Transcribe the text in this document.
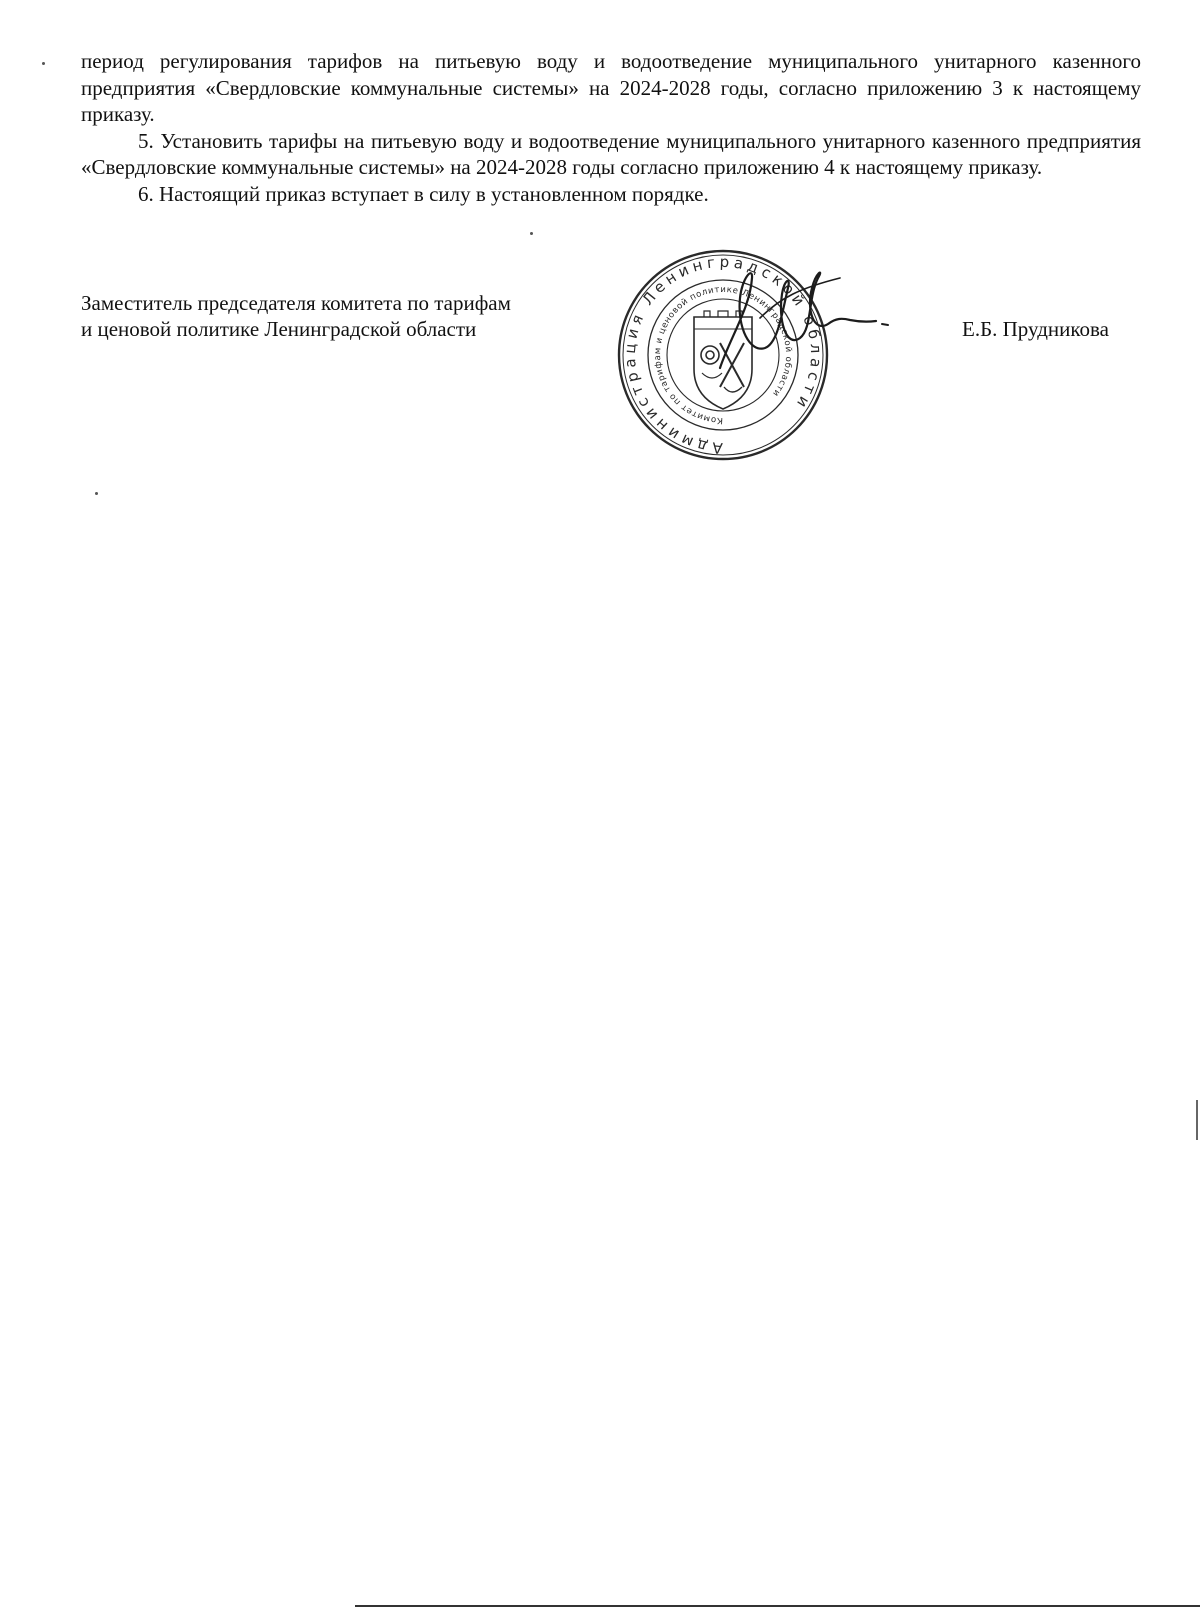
период регулирования тарифов на питьевую воду и водоотведение муниципального унитарного казенного предприятия «Свердловские коммунальные системы» на 2024-2028 годы, согласно приложению 3 к настоящему приказу.

5. Установить тарифы на питьевую воду и водоотведение муниципального унитарного казенного предприятия «Свердловские коммунальные системы» на 2024-2028 годы согласно приложению 4 к настоящему приказу.

6. Настоящий приказ вступает в силу в установленном порядке.

Заместитель председателя комитета по тарифам
и ценовой политике Ленинградской области
Администрация Ленинградской области
Комитет по тарифам и ценовой политике Ленинградской области
Е.Б. Прудникова
